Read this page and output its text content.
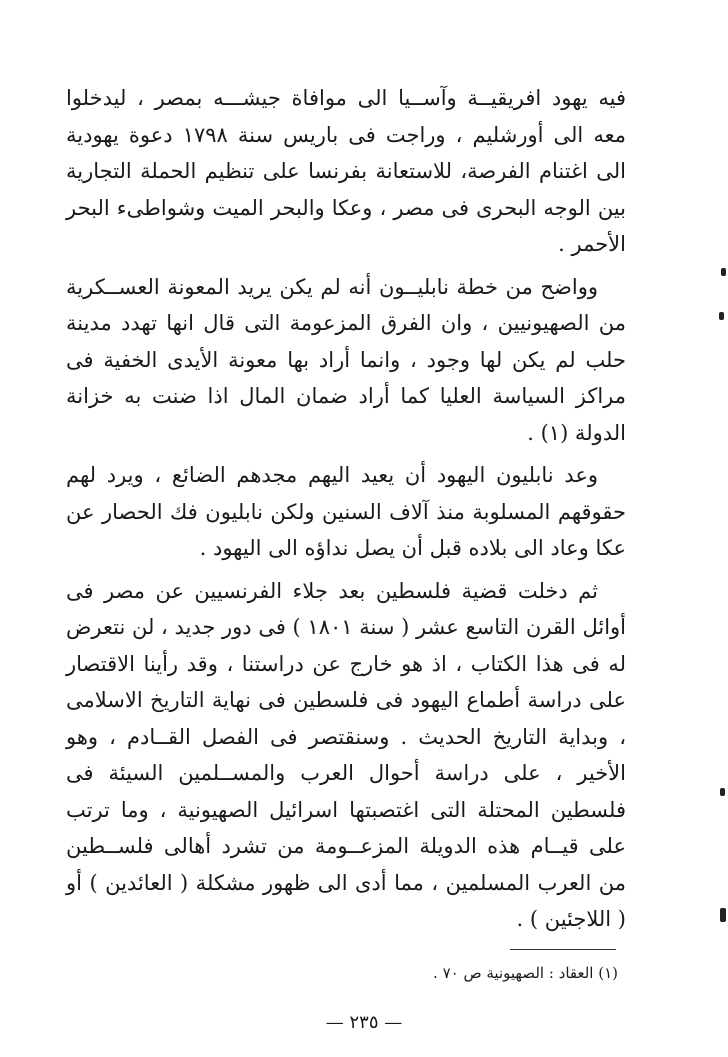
فيه يهود افريقيــة وآســيا الى موافاة جيشـــه بمصر ، ليدخلوا معه الى أورشليم ، وراجت فى باريس سنة ١٧٩٨ دعوة يهودية الى اغتنام الفرصة، للاستعانة بفرنسا على تنظيم الحملة التجارية بين الوجه البحرى فى مصر ، وعكا والبحر الميت وشواطىء البحر الأحمر .

وواضح من خطة نابليــون أنه لم يكن يريد المعونة العســكرية من الصهيونيين ، وان الفرق المزعومة التى قال انها تهدد مدينة حلب لم يكن لها وجود ، وانما أراد بها معونة الأيدى الخفية فى مراكز السياسة العليا كما أراد ضمان المال اذا ضنت به خزانة الدولة (١) .

وعد نابليون اليهود أن يعيد اليهم مجدهم الضائع ، ويرد لهم حقوقهم المسلوبة منذ آلاف السنين ولكن نابليون فك الحصار عن عكا وعاد الى بلاده قبل أن يصل نداؤه الى اليهود .

ثم دخلت قضية فلسطين بعد جلاء الفرنسيين عن مصر فى أوائل القرن التاسع عشر ( سنة ١٨٠١ ) فى دور جديد ، لن نتعرض له فى هذا الكتاب ، اذ هو خارج عن دراستنا ، وقد رأينا الاقتصار على دراسة أطماع اليهود فى فلسطين فى نهاية التاريخ الاسلامى ، وبداية التاريخ الحديث . وسنقتصر فى الفصل القــادم ، وهو الأخير ، على دراسة أحوال العرب والمســلمين السيئة فى فلسطين المحتلة التى اغتصبتها اسرائيل الصهيونية ، وما ترتب على قيــام هذه الدويلة المزعــومة من تشرد أهالى فلســطين من العرب المسلمين ، مما أدى الى ظهور مشكلة ( العائدين ) أو ( اللاجئين ) .

(١) العقاد : الصهيونية ص ٧٠ .
— ٢٣٥ —
